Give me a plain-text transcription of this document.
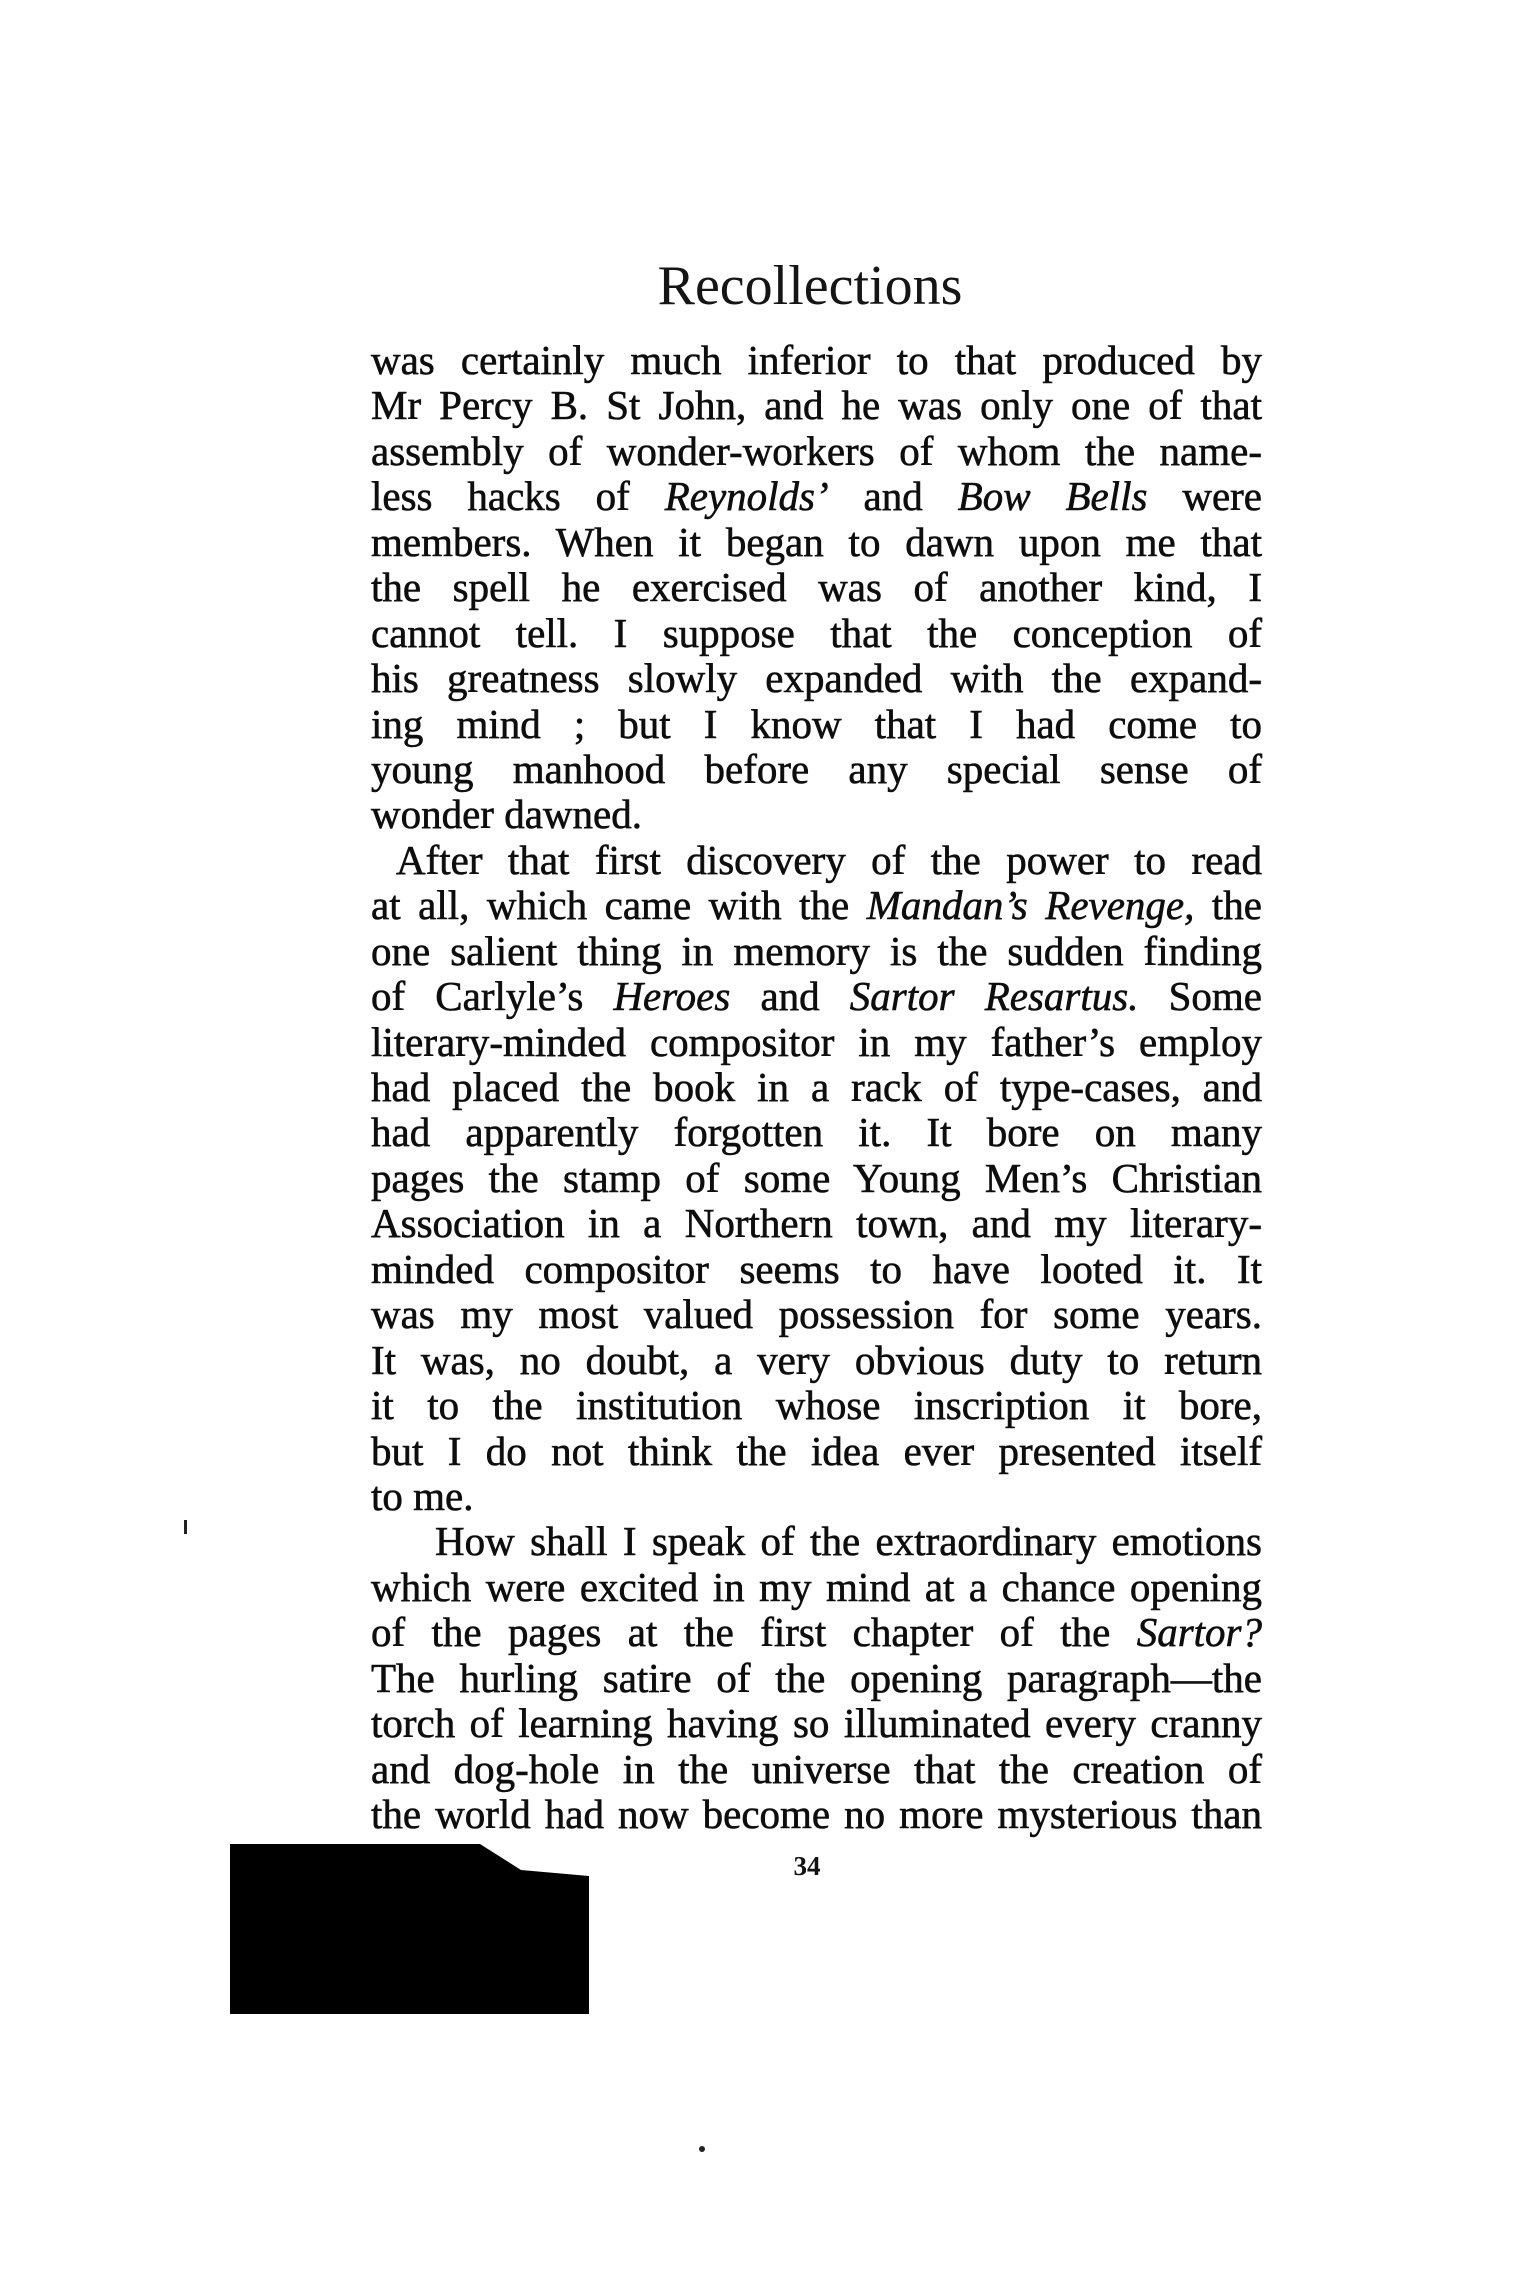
Recollections
was certainly much inferior to that produced by
Mr Percy B. St John, and he was only one of that
assembly of wonder-workers of whom the name-
less hacks of Reynolds’ and Bow Bells were
members. When it began to dawn upon me that
the spell he exercised was of another kind, I
cannot tell. I suppose that the conception of
his greatness slowly expanded with the expand-
ing mind ; but I know that I had come to
young manhood before any special sense of
wonder dawned.
After that first discovery of the power to read
at all, which came with the Mandan’s Revenge, the
one salient thing in memory is the sudden finding
of Carlyle’s Heroes and Sartor Resartus. Some
literary-minded compositor in my father’s employ
had placed the book in a rack of type-cases, and
had apparently forgotten it. It bore on many
pages the stamp of some Young Men’s Christian
Association in a Northern town, and my literary-
minded compositor seems to have looted it. It
was my most valued possession for some years.
It was, no doubt, a very obvious duty to return
it to the institution whose inscription it bore,
but I do not think the idea ever presented itself
to me.
How shall I speak of the extraordinary emotions
which were excited in my mind at a chance opening
of the pages at the first chapter of the Sartor?
The hurling satire of the opening paragraph—the
torch of learning having so illuminated every cranny
and dog-hole in the universe that the creation of
the world had now become no more mysterious than
34
